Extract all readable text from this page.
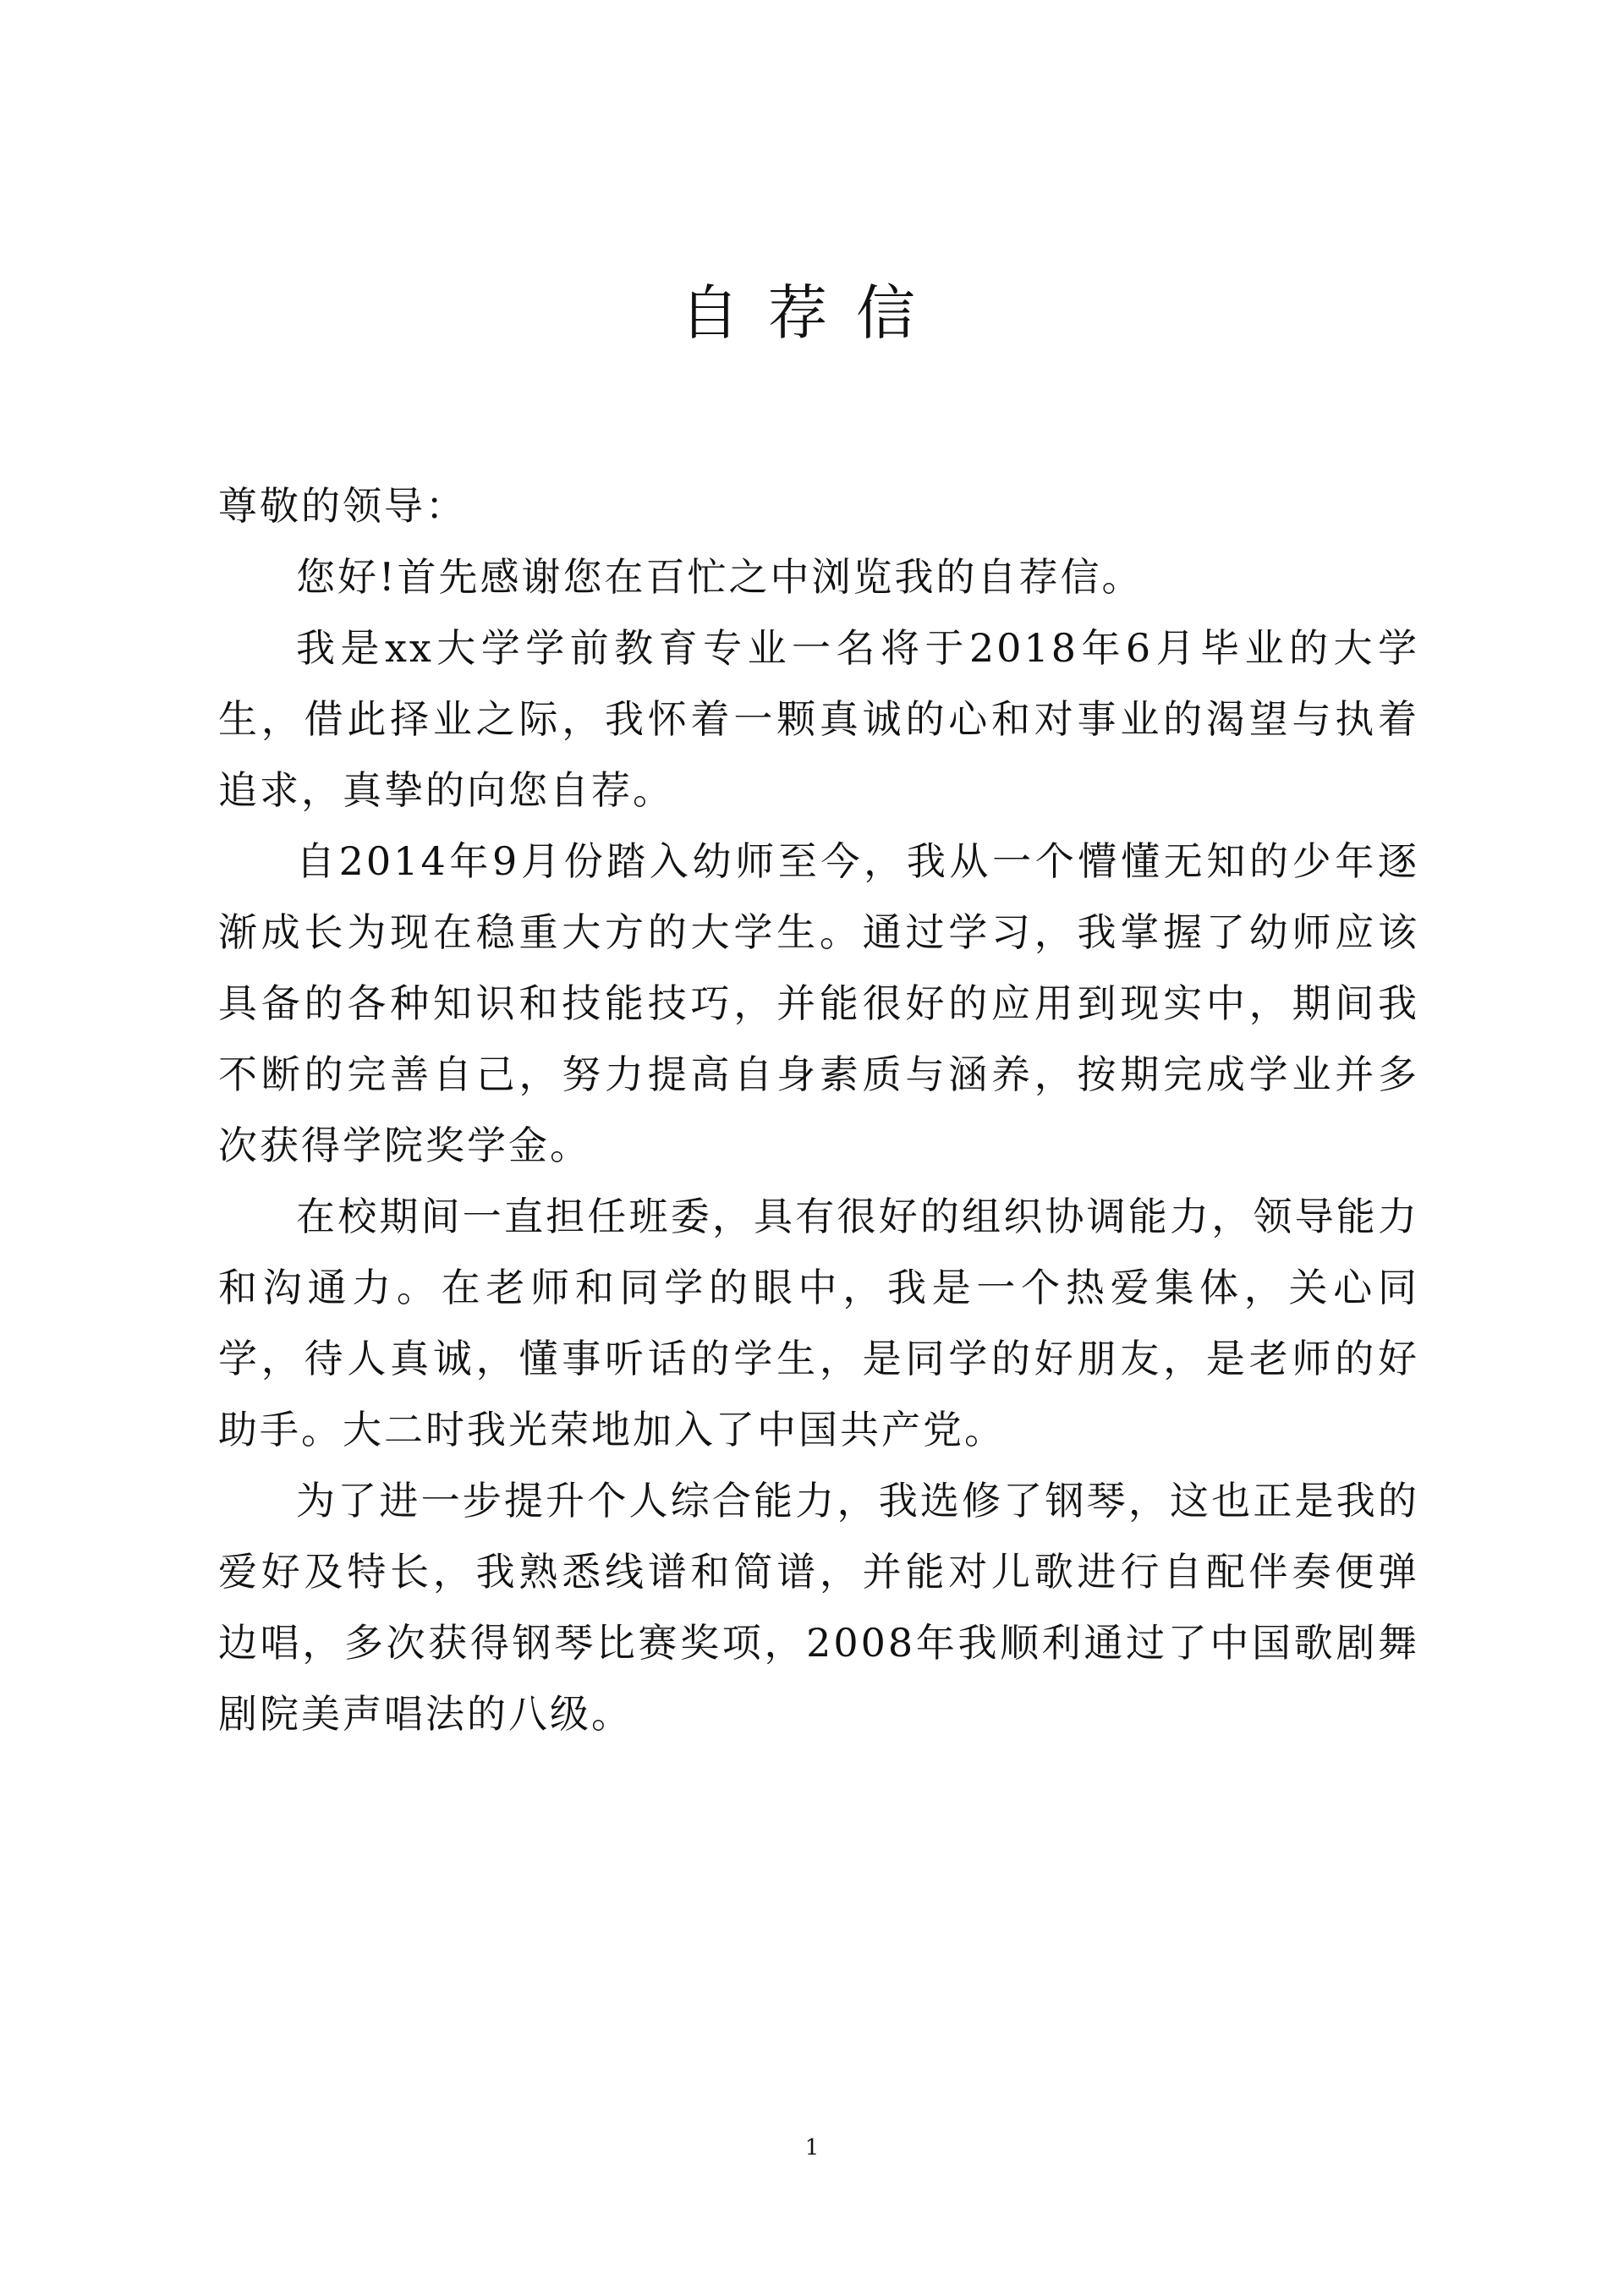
自荐信

尊敬的领导：

您好!首先感谢您在百忙之中浏览我的自荐信。

我是xx大学学前教育专业一名将于2018年6月毕业的大学生，借此择业之际，我怀着一颗真诚的心和对事业的渴望与执着追求，真挚的向您自荐。

自2014年9月份踏入幼师至今，我从一个懵懂无知的少年逐渐成长为现在稳重大方的大学生。通过学习，我掌握了幼师应该具备的各种知识和技能技巧，并能很好的应用到现实中，期间我不断的完善自己，努力提高自身素质与涵养，按期完成学业并多次获得学院奖学金。

在校期间一直担任班委，具有很好的组织协调能力，领导能力和沟通力。在老师和同学的眼中，我是一个热爱集体，关心同学，待人真诚，懂事听话的学生，是同学的好朋友，是老师的好助手。大二时我光荣地加入了中国共产党。

为了进一步提升个人综合能力，我选修了钢琴，这也正是我的爱好及特长，我熟悉线谱和简谱，并能对儿歌进行自配伴奏便弹边唱，多次获得钢琴比赛奖项，2008年我顺利通过了中国歌剧舞剧院美声唱法的八级。

1
